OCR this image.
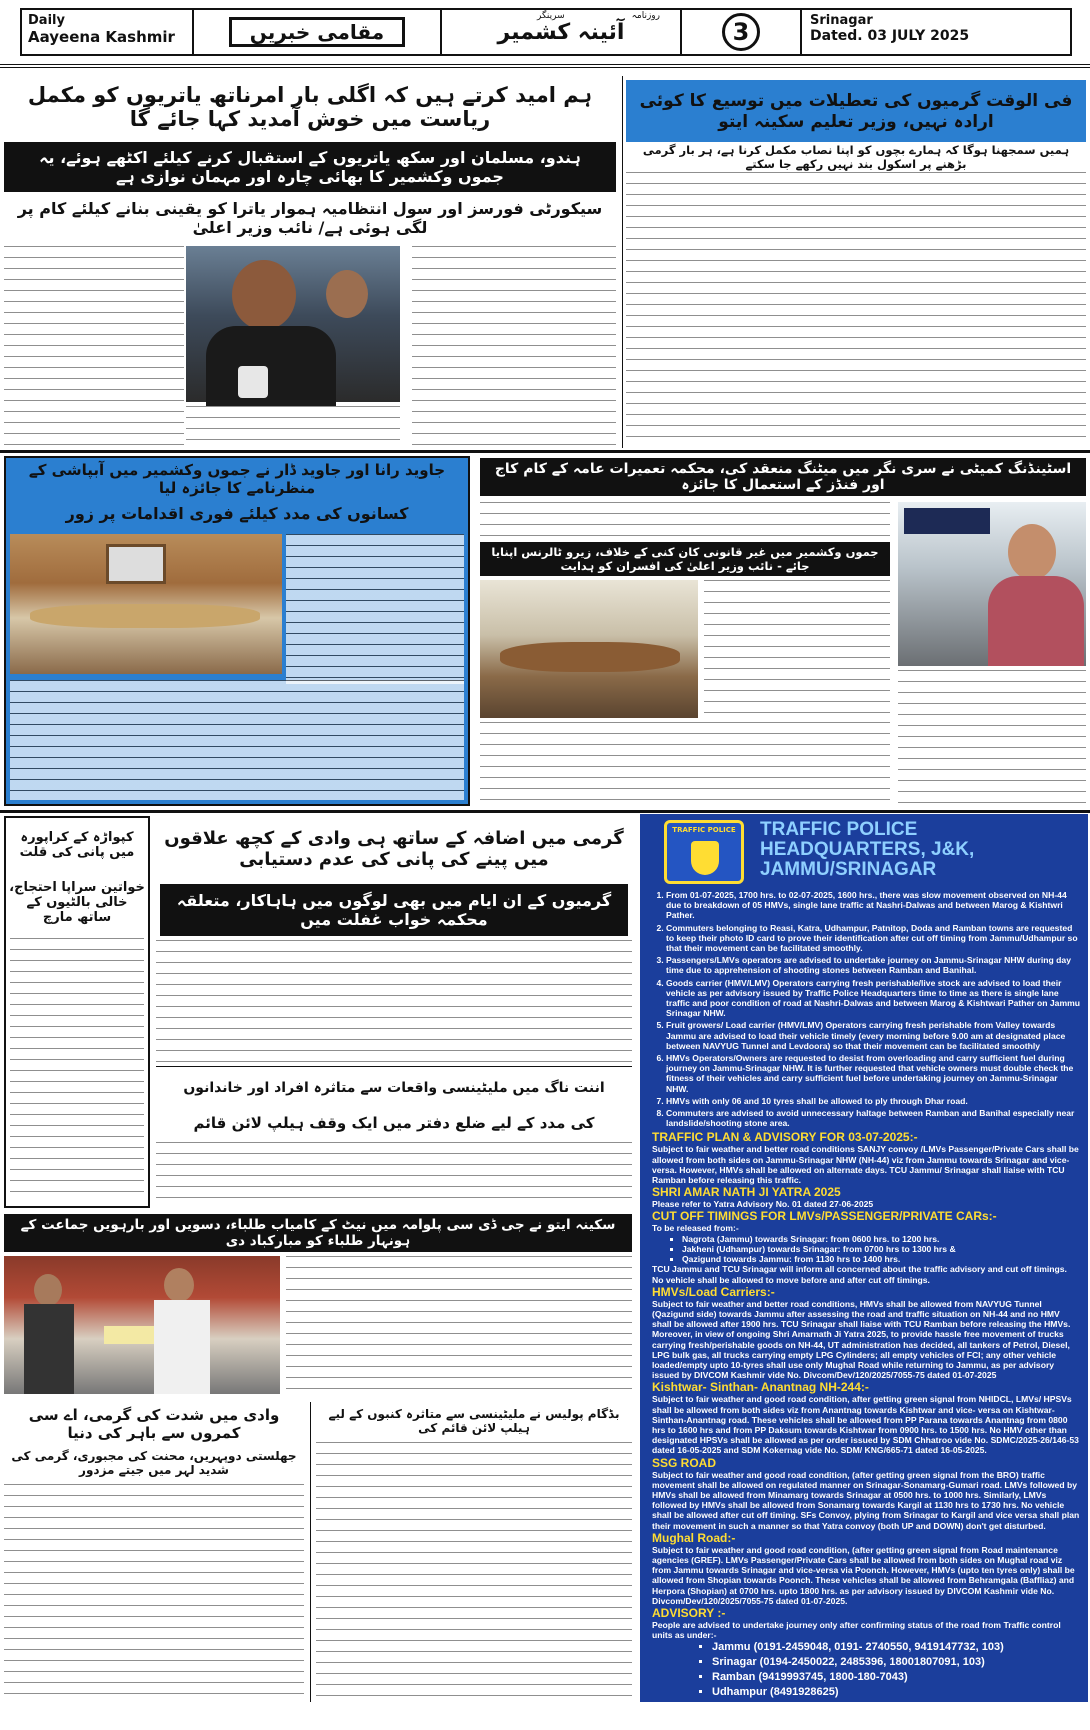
Daily
Aayeena Kashmir	مقامی خبریں
روزنامہ
سرینگر
آئینہ کشمیر	3	Srinagar
Dated. 03 JULY 2025
ہم امید کرتے ہیں کہ اگلی بار امرناتھ یاتریوں کو مکمل ریاست میں خوش آمدید کہا جائے گا
ہندو، مسلمان اور سکھ یاتریوں کے استقبال کرنے کیلئے اکٹھے ہوئے، یہ جموں وکشمیر کا بھائی چارہ اور مہمان نوازی ہے
سیکورٹی فورسز اور سول انتظامیہ ہموار یاترا کو یقینی بنانے کیلئے کام پر لگی ہوئی ہے/ نائب وزیر اعلیٰ
فی الوقت گرمیوں کی تعطیلات میں توسیع کا کوئی ارادہ نہیں، وزیر تعلیم سکینہ ایتو
ہمیں سمجھنا ہوگا کہ ہمارے بچوں کو اپنا نصاب مکمل کرنا ہے، ہر بار گرمی بڑھنے پر اسکول بند نہیں رکھے جا سکتے
جاوید رانا اور جاوید ڈار نے جموں وکشمیر میں آبپاشی کے منظرنامے کا جائزہ لیا
کسانوں کی مدد کیلئے فوری اقدامات پر زور
اسٹینڈنگ کمیٹی نے سری نگر میں میٹنگ منعقد کی، محکمہ تعمیرات عامہ کے کام کاج اور فنڈز کے استعمال کا جائزہ
جموں وکشمیر میں غیر قانونی کان کنی کے خلاف، زیرو ٹالرنس اپنایا جائے - نائب وزیر اعلیٰ کی افسران کو ہدایت
کپواڑہ کے کراپورہ میں پانی کی قلت
خواتین سراپا احتجاج، خالی بالٹیوں کے ساتھ مارچ
گرمی میں اضافہ کے ساتھ ہی وادی کے کچھ علاقوں میں پینے کی پانی کی عدم دستیابی
گرمیوں کے ان ایام میں بھی لوگوں میں ہاہاکار، متعلقہ محکمہ خواب غفلت میں
اننت ناگ میں ملیٹینسی واقعات سے متاثرہ افراد اور خاندانوں
کی مدد کے لیے ضلع دفتر میں ایک وقف ہیلپ لائن قائم
TRAFFIC POLICE TRAFFIC POLICE
HEADQUARTERS, J&K,
JAMMU/SRINAGAR
1. From 01-07-2025, 1700 hrs. to 02-07-2025, 1600 hrs., there was slow movement observed on NH-44 due to breakdown of 05 HMVs, single lane traffic at Nashri-Dalwas and between Marog & Kishtwri Pather.
2. Commuters belonging to Reasi, Katra, Udhampur, Patnitop, Doda and Ramban towns are requested to keep their photo ID card to prove their identification after cut off timing from Jammu/Udhampur so that their movement can be facilitated smoothly.
3. Passengers/LMVs operators are advised to undertake journey on Jammu-Srinagar NHW during day time due to apprehension of shooting stones between Ramban and Banihal.
4. Goods carrier (HMV/LMV) Operators carrying fresh perishable/live stock are advised to load their vehicle as per advisory issued by Traffic Police Headquarters time to time as there is single lane traffic and poor condition of road at Nashri-Dalwas and between Marog & Kishtwari Pather on Jammu Srinagar NHW.
5. Fruit growers/ Load carrier (HMV/LMV) Operators carrying fresh perishable from Valley towards Jammu are advised to load their vehicle timely (every morning before 9.00 am at designated place between NAVYUG Tunnel and Levdoora) so that their movement can be facilitated smoothly
6. HMVs Operators/Owners are requested to desist from overloading and carry sufficient fuel during journey on Jammu-Srinagar NHW. It is further requested that vehicle owners must double check the fitness of their vehicles and carry sufficient fuel before undertaking journey on Jammu-Srinagar NHW.
7. HMVs with only 06 and 10 tyres shall be allowed to ply through Dhar road.
8. Commuters are advised to avoid unnecessary haltage between Ramban and Banihal especially near landslide/shooting stone area.
TRAFFIC PLAN & ADVISORY FOR 03-07-2025:-
Subject to fair weather and better road conditions SANJY convoy /LMVs Passenger/Private Cars shall be allowed from both sides on Jammu-Srinagar NHW (NH-44) viz from Jammu towards Srinagar and vice-versa. However, HMVs shall be allowed on alternate days. TCU Jammu/ Srinagar shall liaise with TCU Ramban before releasing this traffic.
SHRI AMAR NATH JI YATRA 2025
Please refer to Yatra Advisory No. 01 dated 27-06-2025
CUT OFF TIMINGS FOR LMVs/PASSENGER/PRIVATE CARs:-
To be released from:-
▪ Nagrota (Jammu) towards Srinagar: from 0600 hrs. to 1200 hrs.
▪ Jakheni (Udhampur) towards Srinagar: from 0700 hrs to 1300 hrs &
▪ Qazigund towards Jammu: from 1130 hrs to 1400 hrs.
TCU Jammu and TCU Srinagar will inform all concerned about the traffic advisory and cut off timings. No vehicle shall be allowed to move before and after cut off timings.
HMVs/Load Carriers:-
Subject to fair weather and better road conditions, HMVs shall be allowed from NAVYUG Tunnel (Qazigund side) towards Jammu after assessing the road and traffic situation on NH-44 and no HMV shall be allowed after 1900 hrs. TCU Srinagar shall liaise with TCU Ramban before releasing the HMVs. Moreover, in view of ongoing Shri Amarnath Ji Yatra 2025, to provide hassle free movement of trucks carrying fresh/perishable goods on NH-44, UT administration has decided, all tankers of Petrol, Diesel, LPG bulk gas, all trucks carrying empty LPG Cylinders; all empty vehicles of FCI; any other vehicle loaded/empty upto 10-tyres shall use only Mughal Road while returning to Jammu, as per advisory issued by DIVCOM Kashmir vide No. Divcom/Dev/120/2025/7055-75 dated 01-07-2025
Kishtwar- Sinthan- Anantnag NH-244:-
Subject to fair weather and good road condition, after getting green signal from NHIDCL, LMVs/ HPSVs shall be allowed from both sides viz from Anantnag towards Kishtwar and vice- versa on Kishtwar-Sinthan-Anantnag road. These vehicles shall be allowed from PP Parana towards Anantnag from 0800 hrs to 1600 hrs and from PP Daksum towards Kishtwar from 0900 hrs. to 1500 hrs. No HMV other than designated HPSVs shall be allowed as per order issued by SDM Chhatroo vide No. SDMC/2025-26/146-53 dated 16-05-2025 and SDM Kokernag vide No. SDM/ KNG/665-71 dated 16-05-2025.
SSG ROAD
Subject to fair weather and good road condition, (after getting green signal from the BRO) traffic movement shall be allowed on regulated manner on Srinagar-Sonamarg-Gumari road. LMVs followed by HMVs shall be allowed from Minamarg towards Srinagar at 0500 hrs. to 1000 hrs. Similarly, LMVs followed by HMVs shall be allowed from Sonamarg towards Kargil at 1130 hrs to 1730 hrs. No vehicle shall be allowed after cut off timing. SFs Convoy, plying from Srinagar to Kargil and vice versa shall plan their movement in such a manner so that Yatra convoy (both UP and DOWN) don't get disturbed.
Mughal Road:-
Subject to fair weather and good road condition, (after getting green signal from Road maintenance agencies (GREF). LMVs Passenger/Private Cars shall be allowed from both sides on Mughal road viz from Jammu towards Srinagar and vice-versa via Poonch. However, HMVs (upto ten tyres only) shall be allowed from Shopian towards Poonch. These vehicles shall be allowed from Behramgala (Baffliaz) and Herpora (Shopian) at 0700 hrs. upto 1800 hrs. as per advisory issued by DIVCOM Kashmir vide No. Divcom/Dev/120/2025/7055-75 dated 01-07-2025.
ADVISORY :-
People are advised to undertake journey only after confirming status of the road from Traffic control units as under:-
▪ Jammu (0191-2459048, 0191- 2740550, 9419147732, 103)
▪ Srinagar (0194-2450022, 2485396, 18001807091, 103)
▪ Ramban (9419993745, 1800-180-7043)
▪ Udhampur (8491928625)
▪ PCR Kishtwar (9906154100)
▪ PCR Kargil (9541902330, 9541902331)
سکینہ ایتو نے جی ڈی سی پلوامہ میں نیٹ کے کامیاب طلباء، دسویں اور بارہویں جماعت کے ہونہار طلباء کو مبارکباد دی
وادی میں شدت کی گرمی، اے سی کمروں سے باہر کی دنیا
جھلستی دوپہریں، محنت کی مجبوری، گرمی کی شدید لہر میں جیتے مزدور
بڈگام پولیس نے ملیٹینسی سے متاثرہ کنبوں کے لیے ہیلپ لائن قائم کی
